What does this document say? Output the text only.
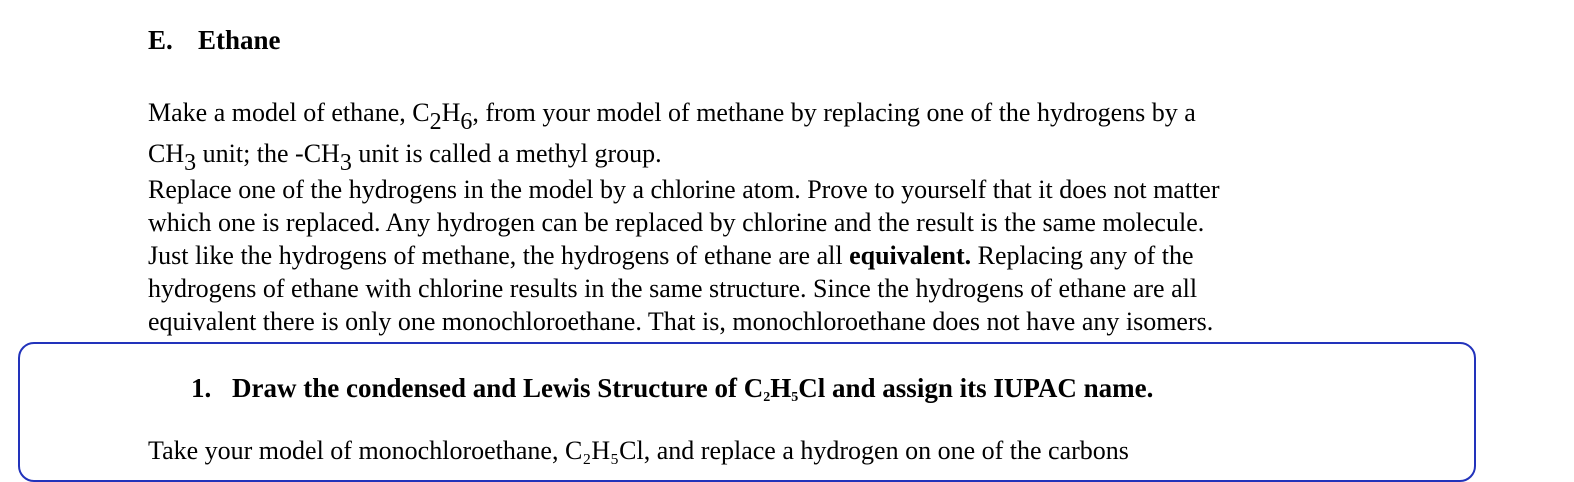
E. Ethane
Make a model of ethane, $C_2H_6$, from your model of methane by replacing one of the hydrogens by a
$CH_3$ unit; the $-CH_3$ unit is called a methyl group.
Replace one of the hydrogens in the model by a chlorine atom. Prove to yourself that it does not matter
which one is replaced. Any hydrogen can be replaced by chlorine and the result is the same molecule.
Just like the hydrogens of methane, the hydrogens of ethane are all equivalent. Replacing any of the
hydrogens of ethane with chlorine results in the same structure. Since the hydrogens of ethane are all
equivalent there is only one monochloroethane. That is, monochloroethane does not have any isomers.
1. Draw the condensed and Lewis Structure of $C_2H_5Cl$ and assign its IUPAC name.
Take your model of monochloroethane, C₂H₅Cl, and replace a hydrogen on one of the carbons
